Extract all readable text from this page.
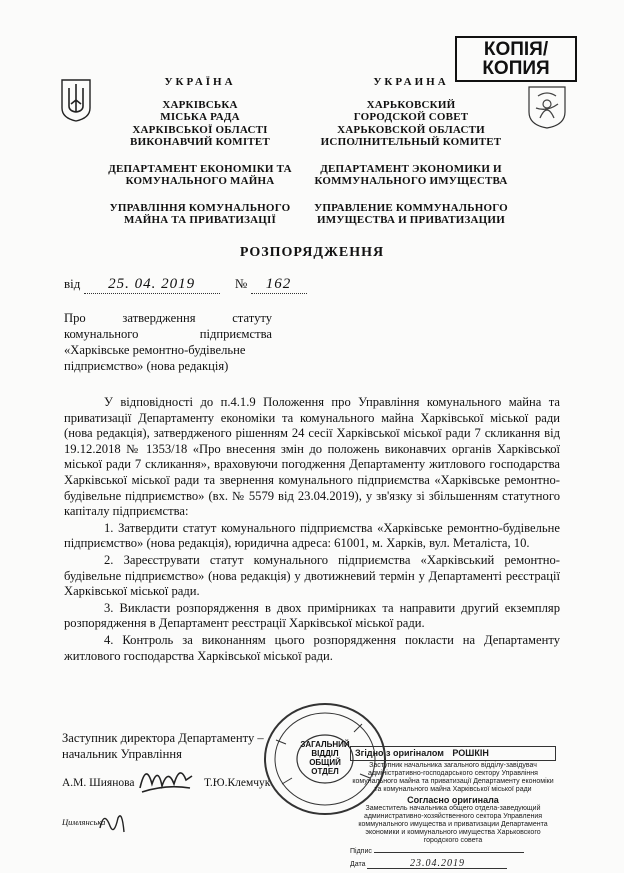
КОПІЯ/
КОПИЯ
УКРАЇНА
ХАРКІВСЬКА
МІСЬКА РАДА
ХАРКІВСЬКОЇ ОБЛАСТІ
ВИКОНАВЧИЙ КОМІТЕТ
ДЕПАРТАМЕНТ ЕКОНОМІКИ ТА
КОМУНАЛЬНОГО МАЙНА
УПРАВЛІННЯ КОМУНАЛЬНОГО
МАЙНА ТА ПРИВАТИЗАЦІЇ
УКРАИНА
ХАРЬКОВСКИЙ
ГОРОДСКОЙ СОВЕТ
ХАРЬКОВСКОЙ ОБЛАСТИ
ИСПОЛНИТЕЛЬНЫЙ КОМИТЕТ
ДЕПАРТАМЕНТ ЭКОНОМИКИ И
КОММУНАЛЬНОГО ИМУЩЕСТВА
УПРАВЛЕНИЕ КОММУНАЛЬНОГО
ИМУЩЕСТВА И ПРИВАТИЗАЦИИ
РОЗПОРЯДЖЕННЯ
від 25. 04. 2019	№ 162
Про затвердження статуту
комунального підприємства
«Харківське ремонтно-будівельне
підприємство» (нова редакція)

У відповідності до п.4.1.9 Положення про Управління комунального майна та приватизації Департаменту економіки та комунального майна Харківської міської ради (нова редакція), затвердженого рішенням 24 сесії Харківської міської ради 7 скликання від 19.12.2018 № 1353/18 «Про внесення змін до положень виконавчих органів Харківської міської ради 7 скликання», враховуючи погодження Департаменту житлового господарства Харківської міської ради та звернення комунального підприємства «Харківське ремонтно-будівельне підприємство» (вх. № 5579 від 23.04.2019), у зв'язку зі збільшенням статутного капіталу підприємства:

1. Затвердити статут комунального підприємства «Харківське ремонтно-будівельне підприємство» (нова редакція), юридична адреса: 61001, м. Харків, вул. Металіста, 10.

2. Зареєструвати статут комунального підприємства «Харківський ремонтно-будівельне підприємство» (нова редакція) у двотижневий термін у Департаменті реєстрації Харківської міської ради.

3. Викласти розпорядження в двох примірниках та направити другий екземпляр розпорядження в Департамент реєстрації Харківської міської ради.

4. Контроль за виконанням цього розпорядження покласти на Департаменту житлового господарства Харківської міської ради.

Заступник директора Департаменту –
начальник Управління
А.М. Шиянова	Т.Ю.Клемчук
Цимлянська
ЗАГАЛЬНИЙ
ВІДДІЛ
ОБЩИЙ ОТДЕЛ
Згідно з оригіналом РОШКІН
Заступник начальника загального відділу-завідувач адміністративно-господарського сектору Управління комунального майна та приватизації Департаменту економіки та комунального майна Харківської міської ради
Согласно оригинала
Заместитель начальника общего отдела-заведующий административно-хозяйственного сектора Управления коммунального имущества и приватизации Департамента экономики и коммунального имущества Харьковского городского совета
Підпис
Дата	23.04.2019
